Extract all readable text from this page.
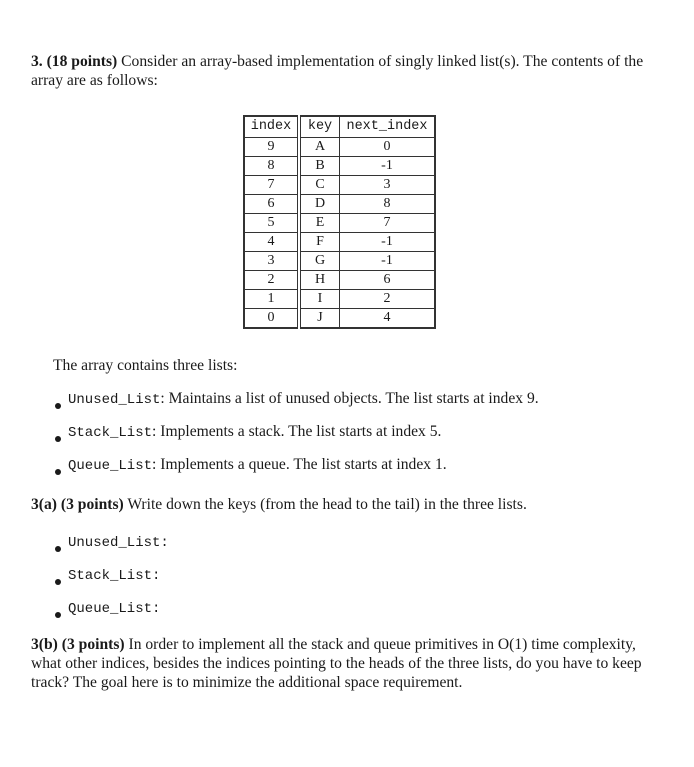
3. (18 points) Consider an array-based implementation of singly linked list(s). The contents of the array are as follows:
index	key	next_index
9	A	0
8	B	-1
7	C	3
6	D	8
5	E	7
4	F	-1
3	G	-1
2	H	6
1	I	2
0	J	4
The array contains three lists:
Unused_List: Maintains a list of unused objects. The list starts at index 9.
Stack_List: Implements a stack. The list starts at index 5.
Queue_List: Implements a queue. The list starts at index 1.
3(a) (3 points) Write down the keys (from the head to the tail) in the three lists.
Unused_List:
Stack_List:
Queue_List:
3(b) (3 points) In order to implement all the stack and queue primitives in O(1) time complexity, what other indices, besides the indices pointing to the heads of the three lists, do you have to keep track? The goal here is to minimize the additional space requirement.
